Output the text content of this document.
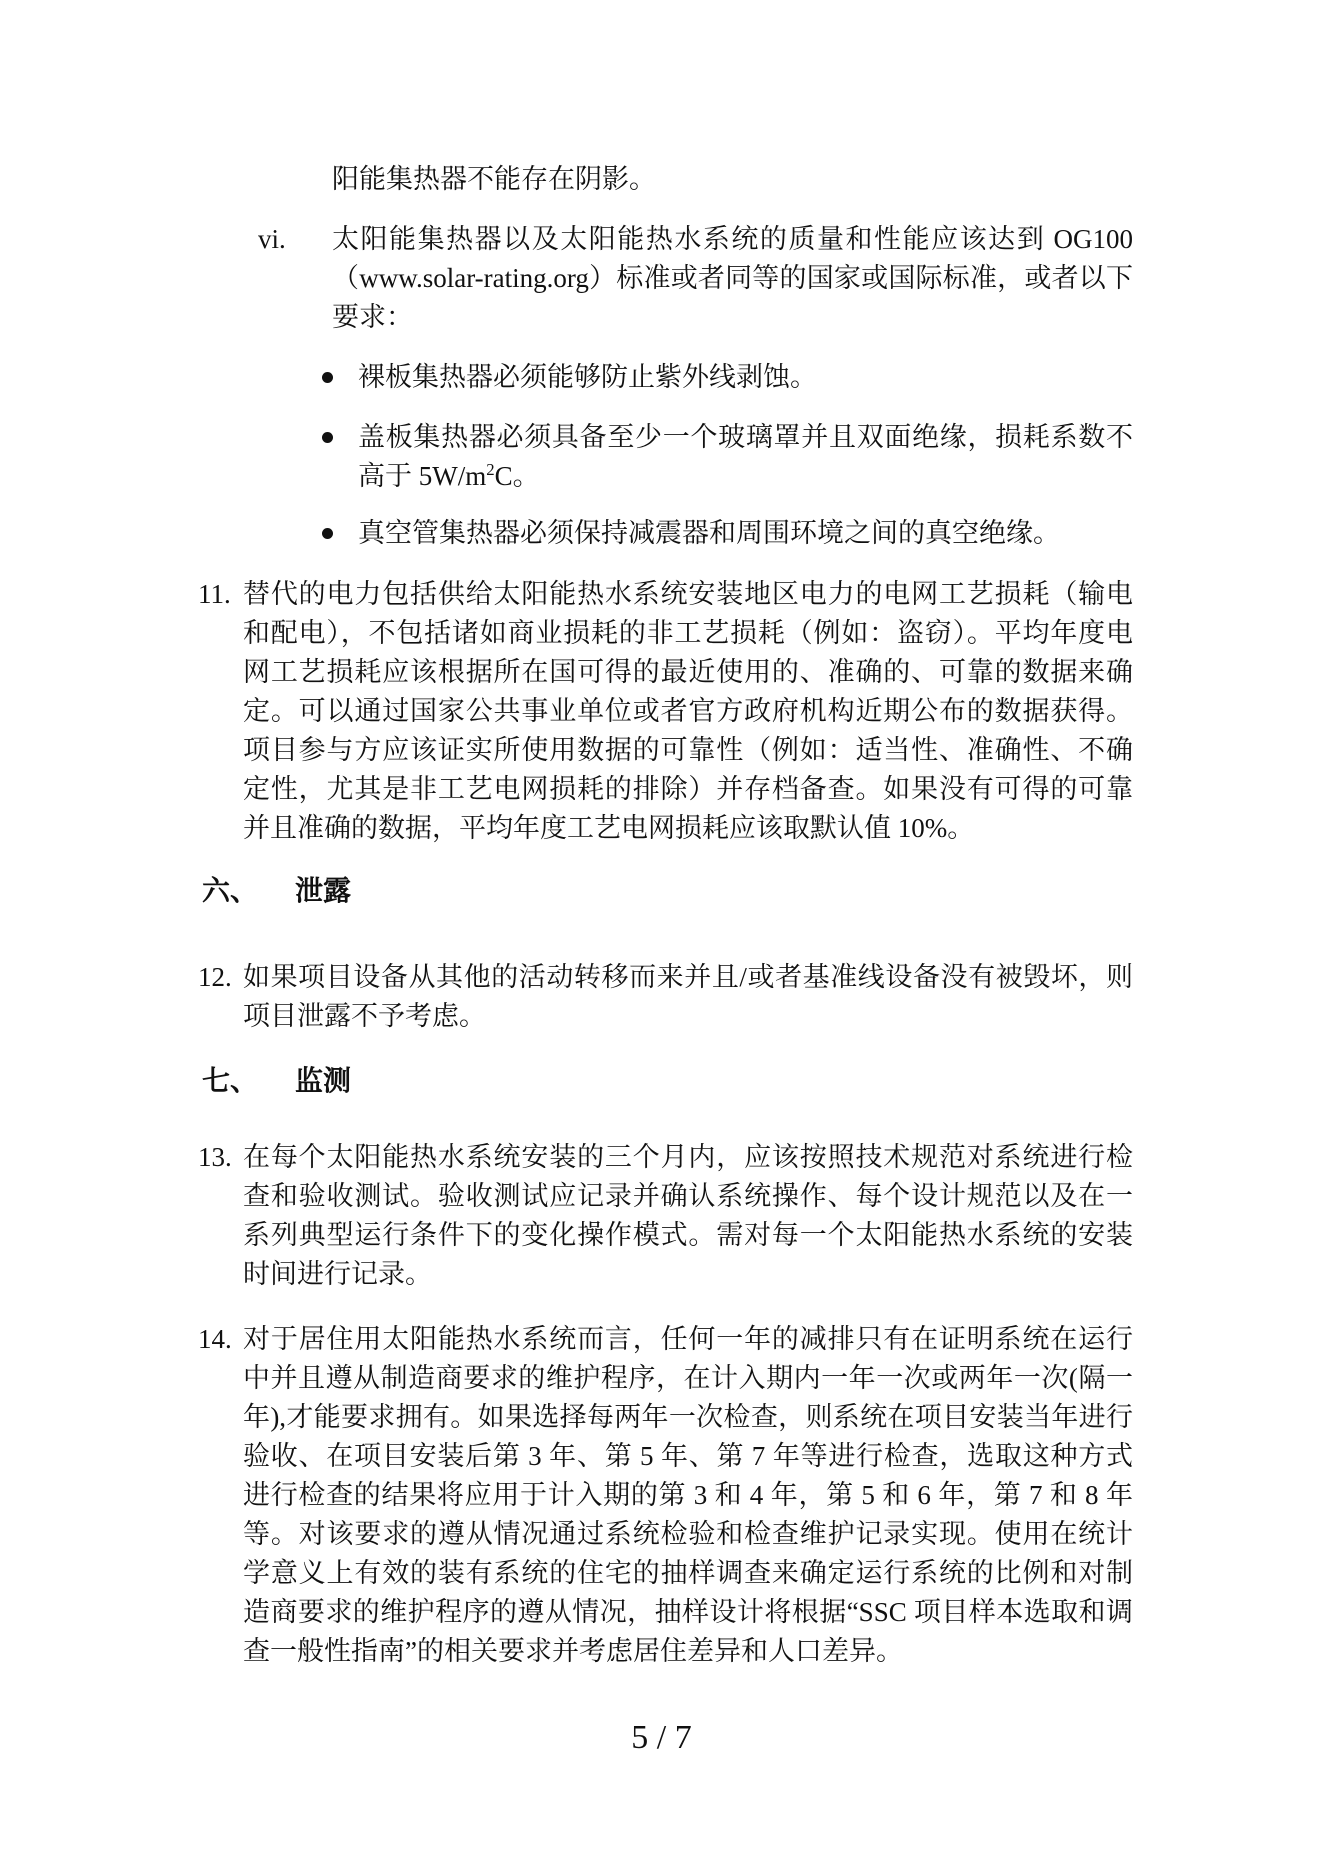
阳能集热器不能存在阴影。

vi. 太阳能集热器以及太阳能热水系统的质量和性能应该达到 OG100（www.solar-rating.org）标准或者同等的国家或国际标准，或者以下要求：
裸板集热器必须能够防止紫外线剥蚀。
盖板集热器必须具备至少一个玻璃罩并且双面绝缘，损耗系数不高于 $5W/m^2C$。
真空管集热器必须保持减震器和周围环境之间的真空绝缘。
11. 替代的电力包括供给太阳能热水系统安装地区电力的电网工艺损耗（输电和配电），不包括诸如商业损耗的非工艺损耗（例如：盗窃）。平均年度电网工艺损耗应该根据所在国可得的最近使用的、准确的、可靠的数据来确定。可以通过国家公共事业单位或者官方政府机构近期公布的数据获得。项目参与方应该证实所使用数据的可靠性（例如：适当性、准确性、不确定性，尤其是非工艺电网损耗的排除）并存档备查。如果没有可得的可靠并且准确的数据，平均年度工艺电网损耗应该取默认值 10%。
六、 泄露
12. 如果项目设备从其他的活动转移而来并且/或者基准线设备没有被毁坏，则项目泄露不予考虑。
七、 监测
13. 在每个太阳能热水系统安装的三个月内，应该按照技术规范对系统进行检查和验收测试。验收测试应记录并确认系统操作、每个设计规范以及在一系列典型运行条件下的变化操作模式。需对每一个太阳能热水系统的安装时间进行记录。
14. 对于居住用太阳能热水系统而言，任何一年的减排只有在证明系统在运行中并且遵从制造商要求的维护程序，在计入期内一年一次或两年一次(隔一年),才能要求拥有。如果选择每两年一次检查，则系统在项目安装当年进行验收、在项目安装后第 3 年、第 5 年、第 7 年等进行检查，选取这种方式进行检查的结果将应用于计入期的第 3 和 4 年，第 5 和 6 年，第 7 和 8 年等。对该要求的遵从情况通过系统检验和检查维护记录实现。使用在统计学意义上有效的装有系统的住宅的抽样调查来确定运行系统的比例和对制造商要求的维护程序的遵从情况，抽样设计将根据“SSC 项目样本选取和调查一般性指南”的相关要求并考虑居住差异和人口差异。
5 / 7
